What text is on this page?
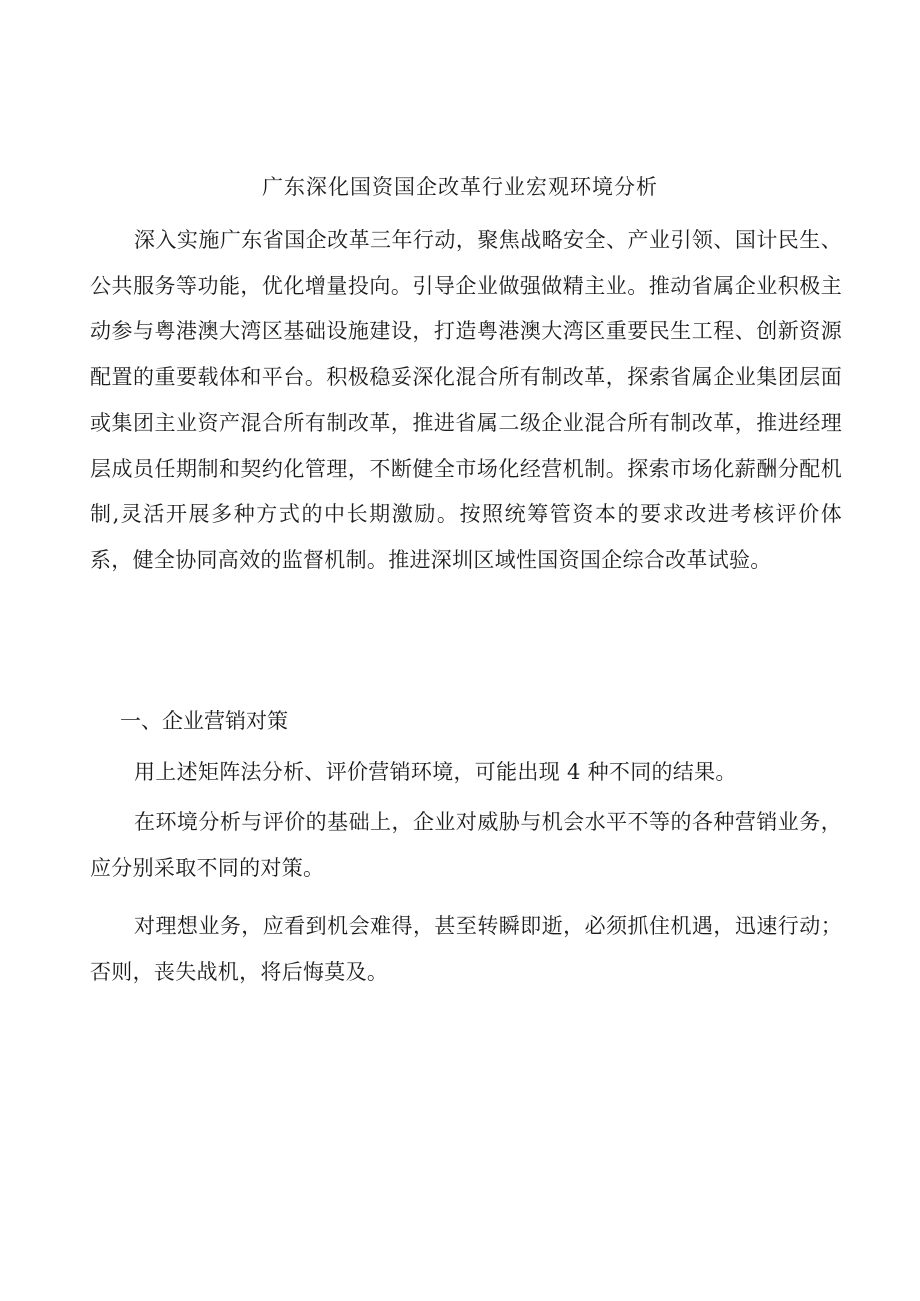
广东深化国资国企改革行业宏观环境分析

深入实施广东省国企改革三年行动，聚焦战略安全、产业引领、国计民生、公共服务等功能，优化增量投向。引导企业做强做精主业。推动省属企业积极主动参与粤港澳大湾区基础设施建设，打造粤港澳大湾区重要民生工程、创新资源配置的重要载体和平台。积极稳妥深化混合所有制改革，探索省属企业集团层面或集团主业资产混合所有制改革，推进省属二级企业混合所有制改革，推进经理层成员任期制和契约化管理，不断健全市场化经营机制。探索市场化薪酬分配机制,灵活开展多种方式的中长期激励。按照统筹管资本的要求改进考核评价体系，健全协同高效的监督机制。推进深圳区域性国资国企综合改革试验。

一、企业营销对策

用上述矩阵法分析、评价营销环境，可能出现 4 种不同的结果。

在环境分析与评价的基础上，企业对威胁与机会水平不等的各种营销业务，应分别采取不同的对策。

对理想业务，应看到机会难得，甚至转瞬即逝，必须抓住机遇，迅速行动；否则，丧失战机，将后悔莫及。
